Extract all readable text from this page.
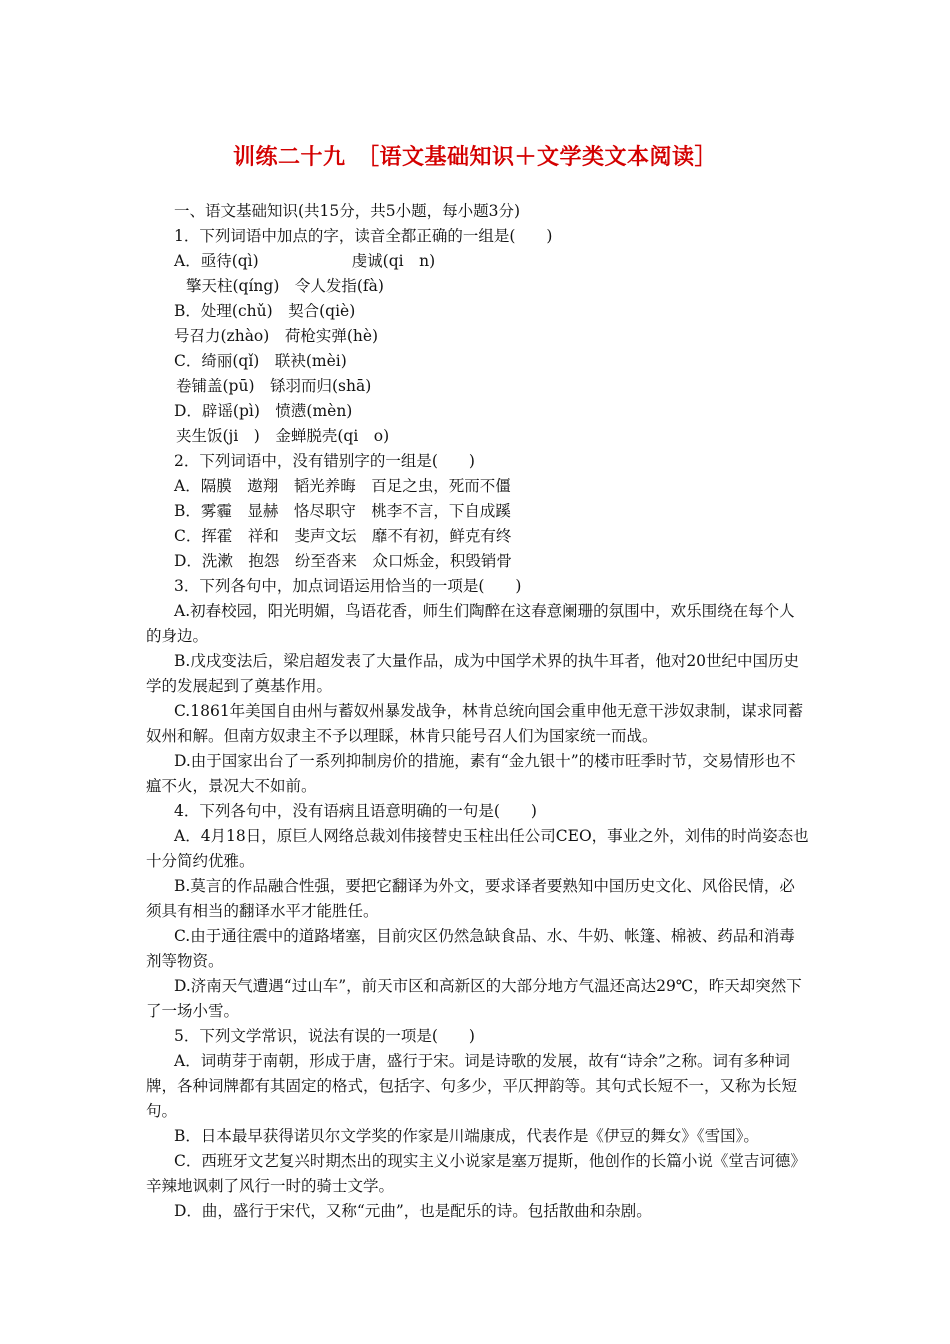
训练二十九　［语文基础知识＋文学类文本阅读］
一、语文基础知识(共15分，共5小题，每小题3分)
1．下列词语中加点的字，读音全都正确的一组是(　　)
A．亟待(qì)　　　　　　虔诚(qi　n)
擎天柱(qíng)　令人发指(fà)
B．处理(chǔ)　契合(qiè)
号召力(zhào)　荷枪实弹(hè)
C．绮丽(qǐ)　联袂(mèi)
卷铺盖(pū)　铩羽而归(shā)
D．辟谣(pì)　愤懑(mèn)
夹生饭(ji　)　金蝉脱壳(qi　o)
2．下列词语中，没有错别字的一组是(　　)
A．隔膜　遨翔　韬光养晦　百足之虫，死而不僵
B．雾霾　显赫　恪尽职守　桃李不言，下自成蹊
C．挥霍　祥和　斐声文坛　靡不有初，鲜克有终
D．洗漱　抱怨　纷至沓来　众口烁金，积毁销骨
3．下列各句中，加点词语运用恰当的一项是(　　)
A.初春校园，阳光明媚，鸟语花香，师生们陶醉在这春意阑珊的氛围中，欢乐围绕在每个人的身边。
B.戊戌变法后，梁启超发表了大量作品，成为中国学术界的执牛耳者，他对20世纪中国历史学的发展起到了奠基作用。
C.1861年美国自由州与蓄奴州暴发战争，林肯总统向国会重申他无意干涉奴隶制，谋求同蓄奴州和解。但南方奴隶主不予以理睬，林肯只能号召人们为国家统一而战。
D.由于国家出台了一系列抑制房价的措施，素有“金九银十”的楼市旺季时节，交易情形也不瘟不火，景况大不如前。
4．下列各句中，没有语病且语意明确的一句是(　　)
A．4月18日，原巨人网络总裁刘伟接替史玉柱出任公司CEO，事业之外，刘伟的时尚姿态也十分简约优雅。
B.莫言的作品融合性强，要把它翻译为外文，要求译者要熟知中国历史文化、风俗民情，必须具有相当的翻译水平才能胜任。
C.由于通往震中的道路堵塞，目前灾区仍然急缺食品、水、牛奶、帐篷、棉被、药品和消毒剂等物资。
D.济南天气遭遇“过山车”，前天市区和高新区的大部分地方气温还高达29℃，昨天却突然下了一场小雪。
5．下列文学常识，说法有误的一项是(　　)
A．词萌芽于南朝，形成于唐，盛行于宋。词是诗歌的发展，故有“诗余”之称。词有多种词牌，各种词牌都有其固定的格式，包括字、句多少，平仄押韵等。其句式长短不一，又称为长短句。
B．日本最早获得诺贝尔文学奖的作家是川端康成，代表作是《伊豆的舞女》《雪国》。
C．西班牙文艺复兴时期杰出的现实主义小说家是塞万提斯，他创作的长篇小说《堂吉诃德》辛辣地讽刺了风行一时的骑士文学。
D．曲，盛行于宋代，又称“元曲”，也是配乐的诗。包括散曲和杂剧。
